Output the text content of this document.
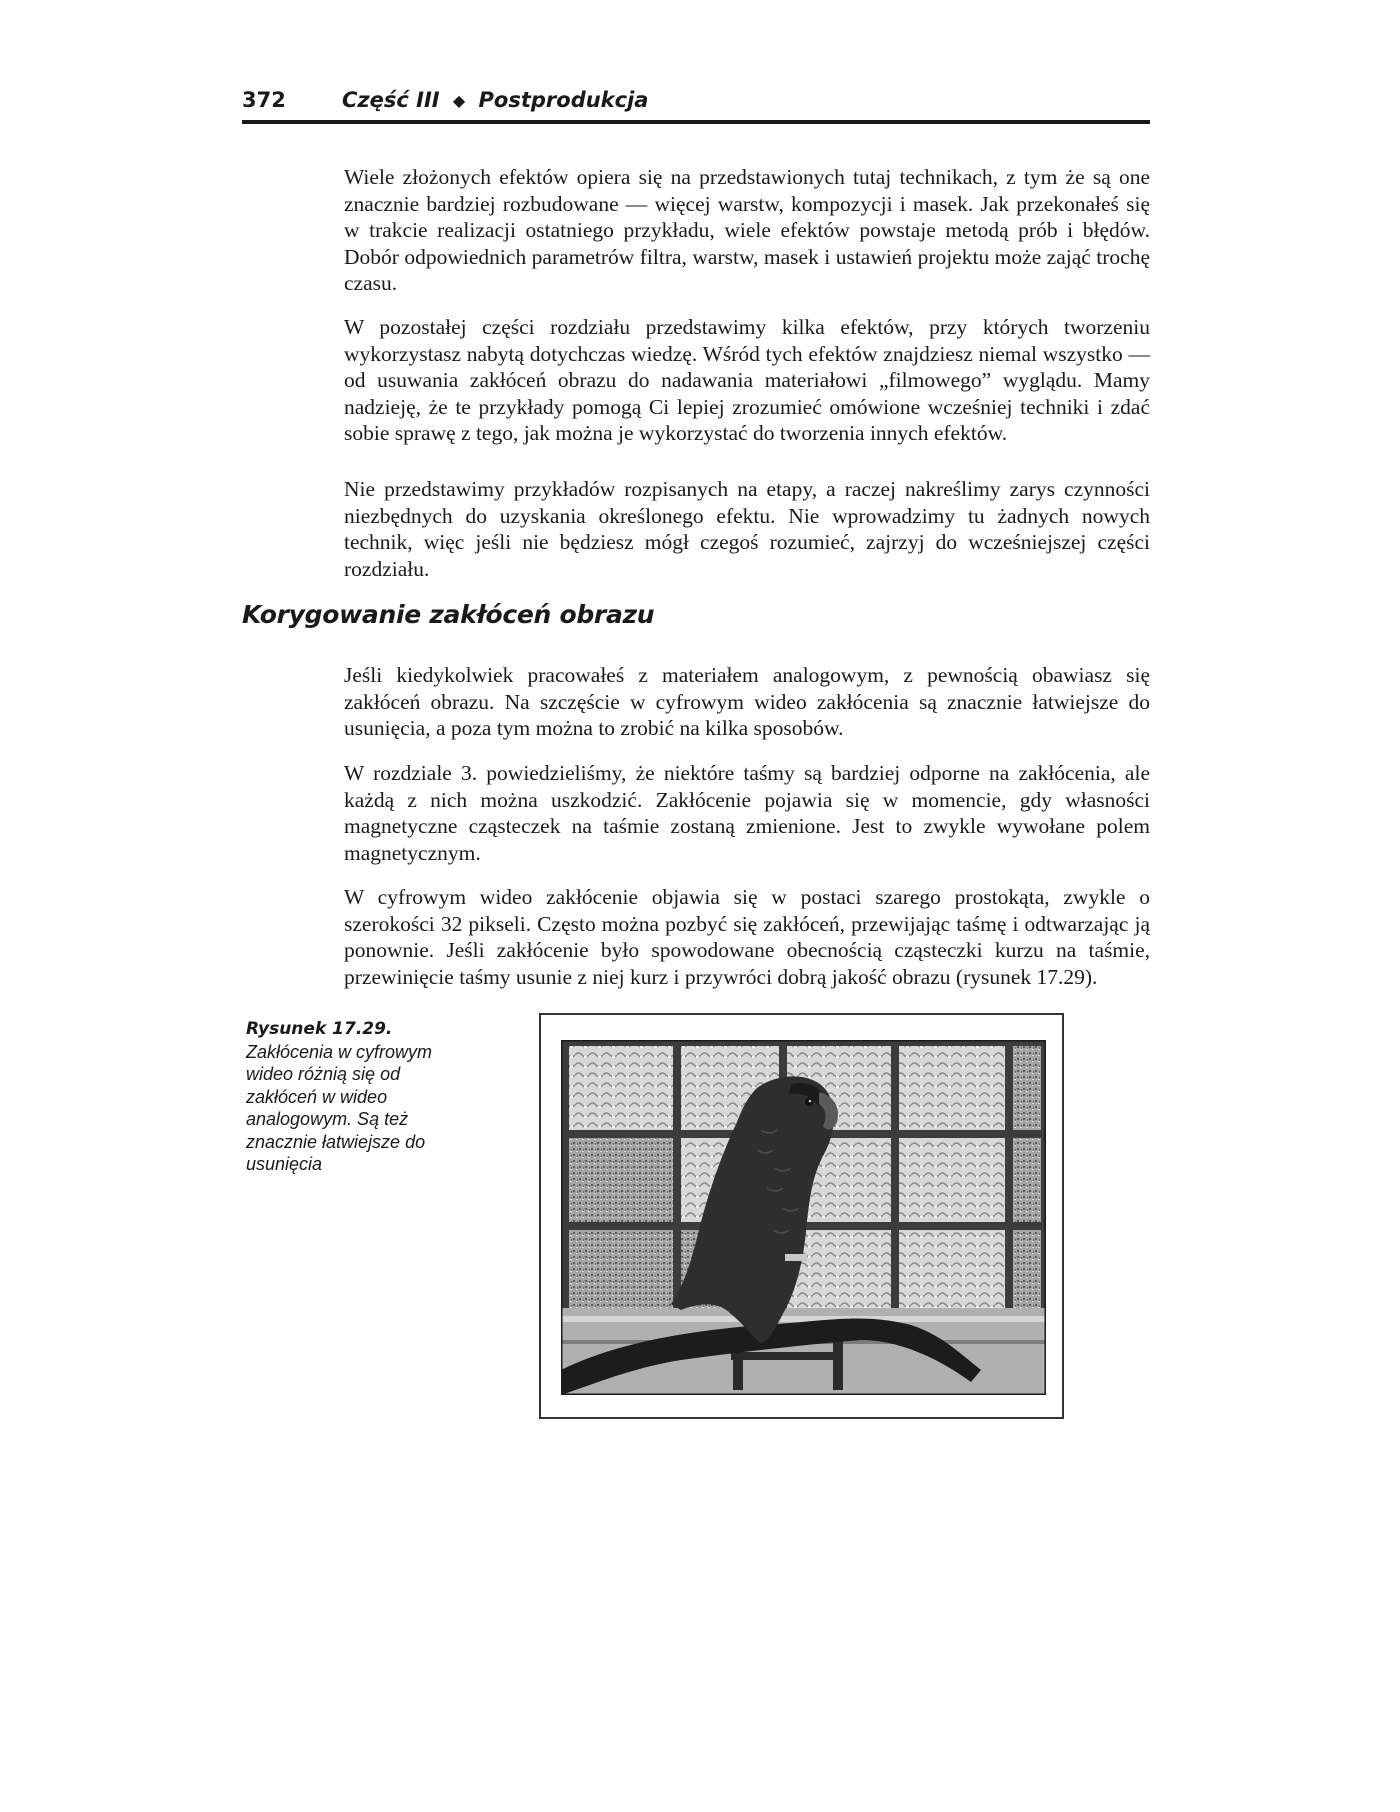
372	Część III ◆ Postprodukcja

Wiele złożonych efektów opiera się na przedstawionych tutaj technikach, z tym że są one znacznie bardziej rozbudowane — więcej warstw, kompozycji i masek. Jak przekonałeś się w trakcie realizacji ostatniego przykładu, wiele efektów powstaje metodą prób i błędów. Dobór odpowiednich parametrów filtra, warstw, masek i ustawień projektu może zająć trochę czasu.

W pozostałej części rozdziału przedstawimy kilka efektów, przy których tworzeniu wykorzystasz nabytą dotychczas wiedzę. Wśród tych efektów znajdziesz niemal wszystko — od usuwania zakłóceń obrazu do nadawania materiałowi „filmowego” wyglądu. Mamy nadzieję, że te przykłady pomogą Ci lepiej zrozumieć omówione wcześniej techniki i zdać sobie sprawę z tego, jak można je wykorzystać do tworzenia innych efektów.

Nie przedstawimy przykładów rozpisanych na etapy, a raczej nakreślimy zarys czynności niezbędnych do uzyskania określonego efektu. Nie wprowadzimy tu żadnych nowych technik, więc jeśli nie będziesz mógł czegoś rozumieć, zajrzyj do wcześniejszej części rozdziału.

Korygowanie zakłóceń obrazu

Jeśli kiedykolwiek pracowałeś z materiałem analogowym, z pewnością obawiasz się zakłóceń obrazu. Na szczęście w cyfrowym wideo zakłócenia są znacznie łatwiejsze do usunięcia, a poza tym można to zrobić na kilka sposobów.

W rozdziale 3. powiedzieliśmy, że niektóre taśmy są bardziej odporne na zakłócenia, ale każdą z nich można uszkodzić. Zakłócenie pojawia się w momencie, gdy własności magnetyczne cząsteczek na taśmie zostaną zmienione. Jest to zwykle wywołane polem magnetycznym.

W cyfrowym wideo zakłócenie objawia się w postaci szarego prostokąta, zwykle o szerokości 32 pikseli. Często można pozbyć się zakłóceń, przewijając taśmę i odtwarzając ją ponownie. Jeśli zakłócenie było spowodowane obecnością cząsteczki kurzu na taśmie, przewinięcie taśmy usunie z niej kurz i przywróci dobrą jakość obrazu (rysunek 17.29).

Rysunek 17.29.
Zakłócenia w cyfrowym wideo różnią się od zakłóceń w wideo analogowym. Są też znacznie łatwiejsze do usunięcia
